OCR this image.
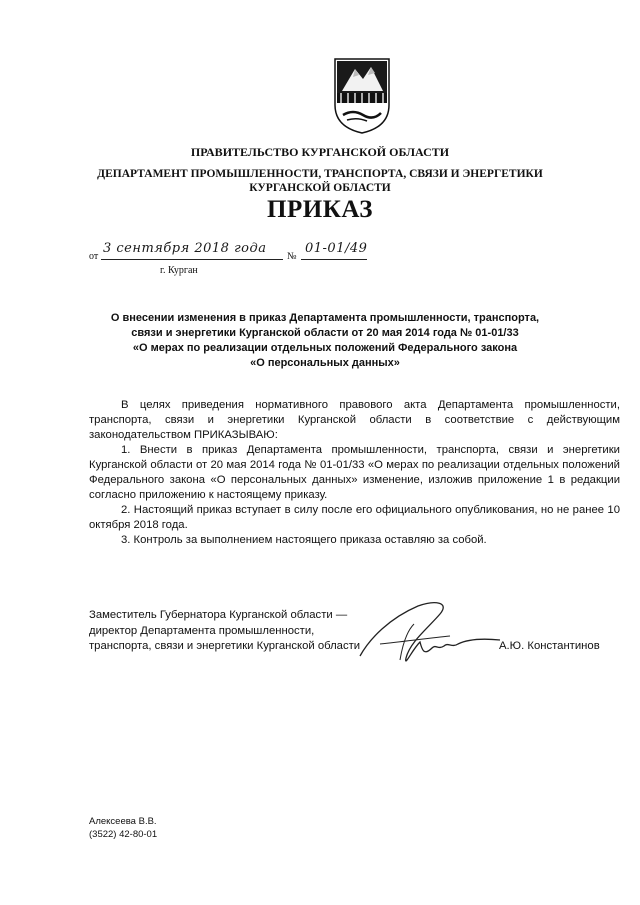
ПРАВИТЕЛЬСТВО КУРГАНСКОЙ ОБЛАСТИ
ДЕПАРТАМЕНТ ПРОМЫШЛЕННОСТИ, ТРАНСПОРТА, СВЯЗИ И ЭНЕРГЕТИКИ
КУРГАНСКОЙ ОБЛАСТИ
ПРИКАЗ
от
3 сентября 2018 года
№
01-01/49
г. Курган
О внесении изменения в приказ Департамента промышленности, транспорта,
связи и энергетики Курганской области от 20 мая 2014 года № 01-01/33
«О мерах по реализации отдельных положений Федерального закона
«О персональных данных»

В целях приведения нормативного правового акта Департамента промышленности, транспорта, связи и энергетики Курганской области в соответствие с действующим законодательством ПРИКАЗЫВАЮ:

1. Внести в приказ Департамента промышленности, транспорта, связи и энергетики Курганской области от 20 мая 2014 года № 01-01/33 «О мерах по реализации отдельных положений Федерального закона «О персональных данных» изменение, изложив приложение 1 в редакции согласно приложению к настоящему приказу.

2. Настоящий приказ вступает в силу после его официального опубликования, но не ранее 10 октября 2018 года.

3. Контроль за выполнением настоящего приказа оставляю за собой.

Заместитель Губернатора Курганской области —
директор Департамента промышленности,
транспорта, связи и энергетики Курганской области	А.Ю. Константинов
Алексеева В.В.
(3522) 42-80-01
